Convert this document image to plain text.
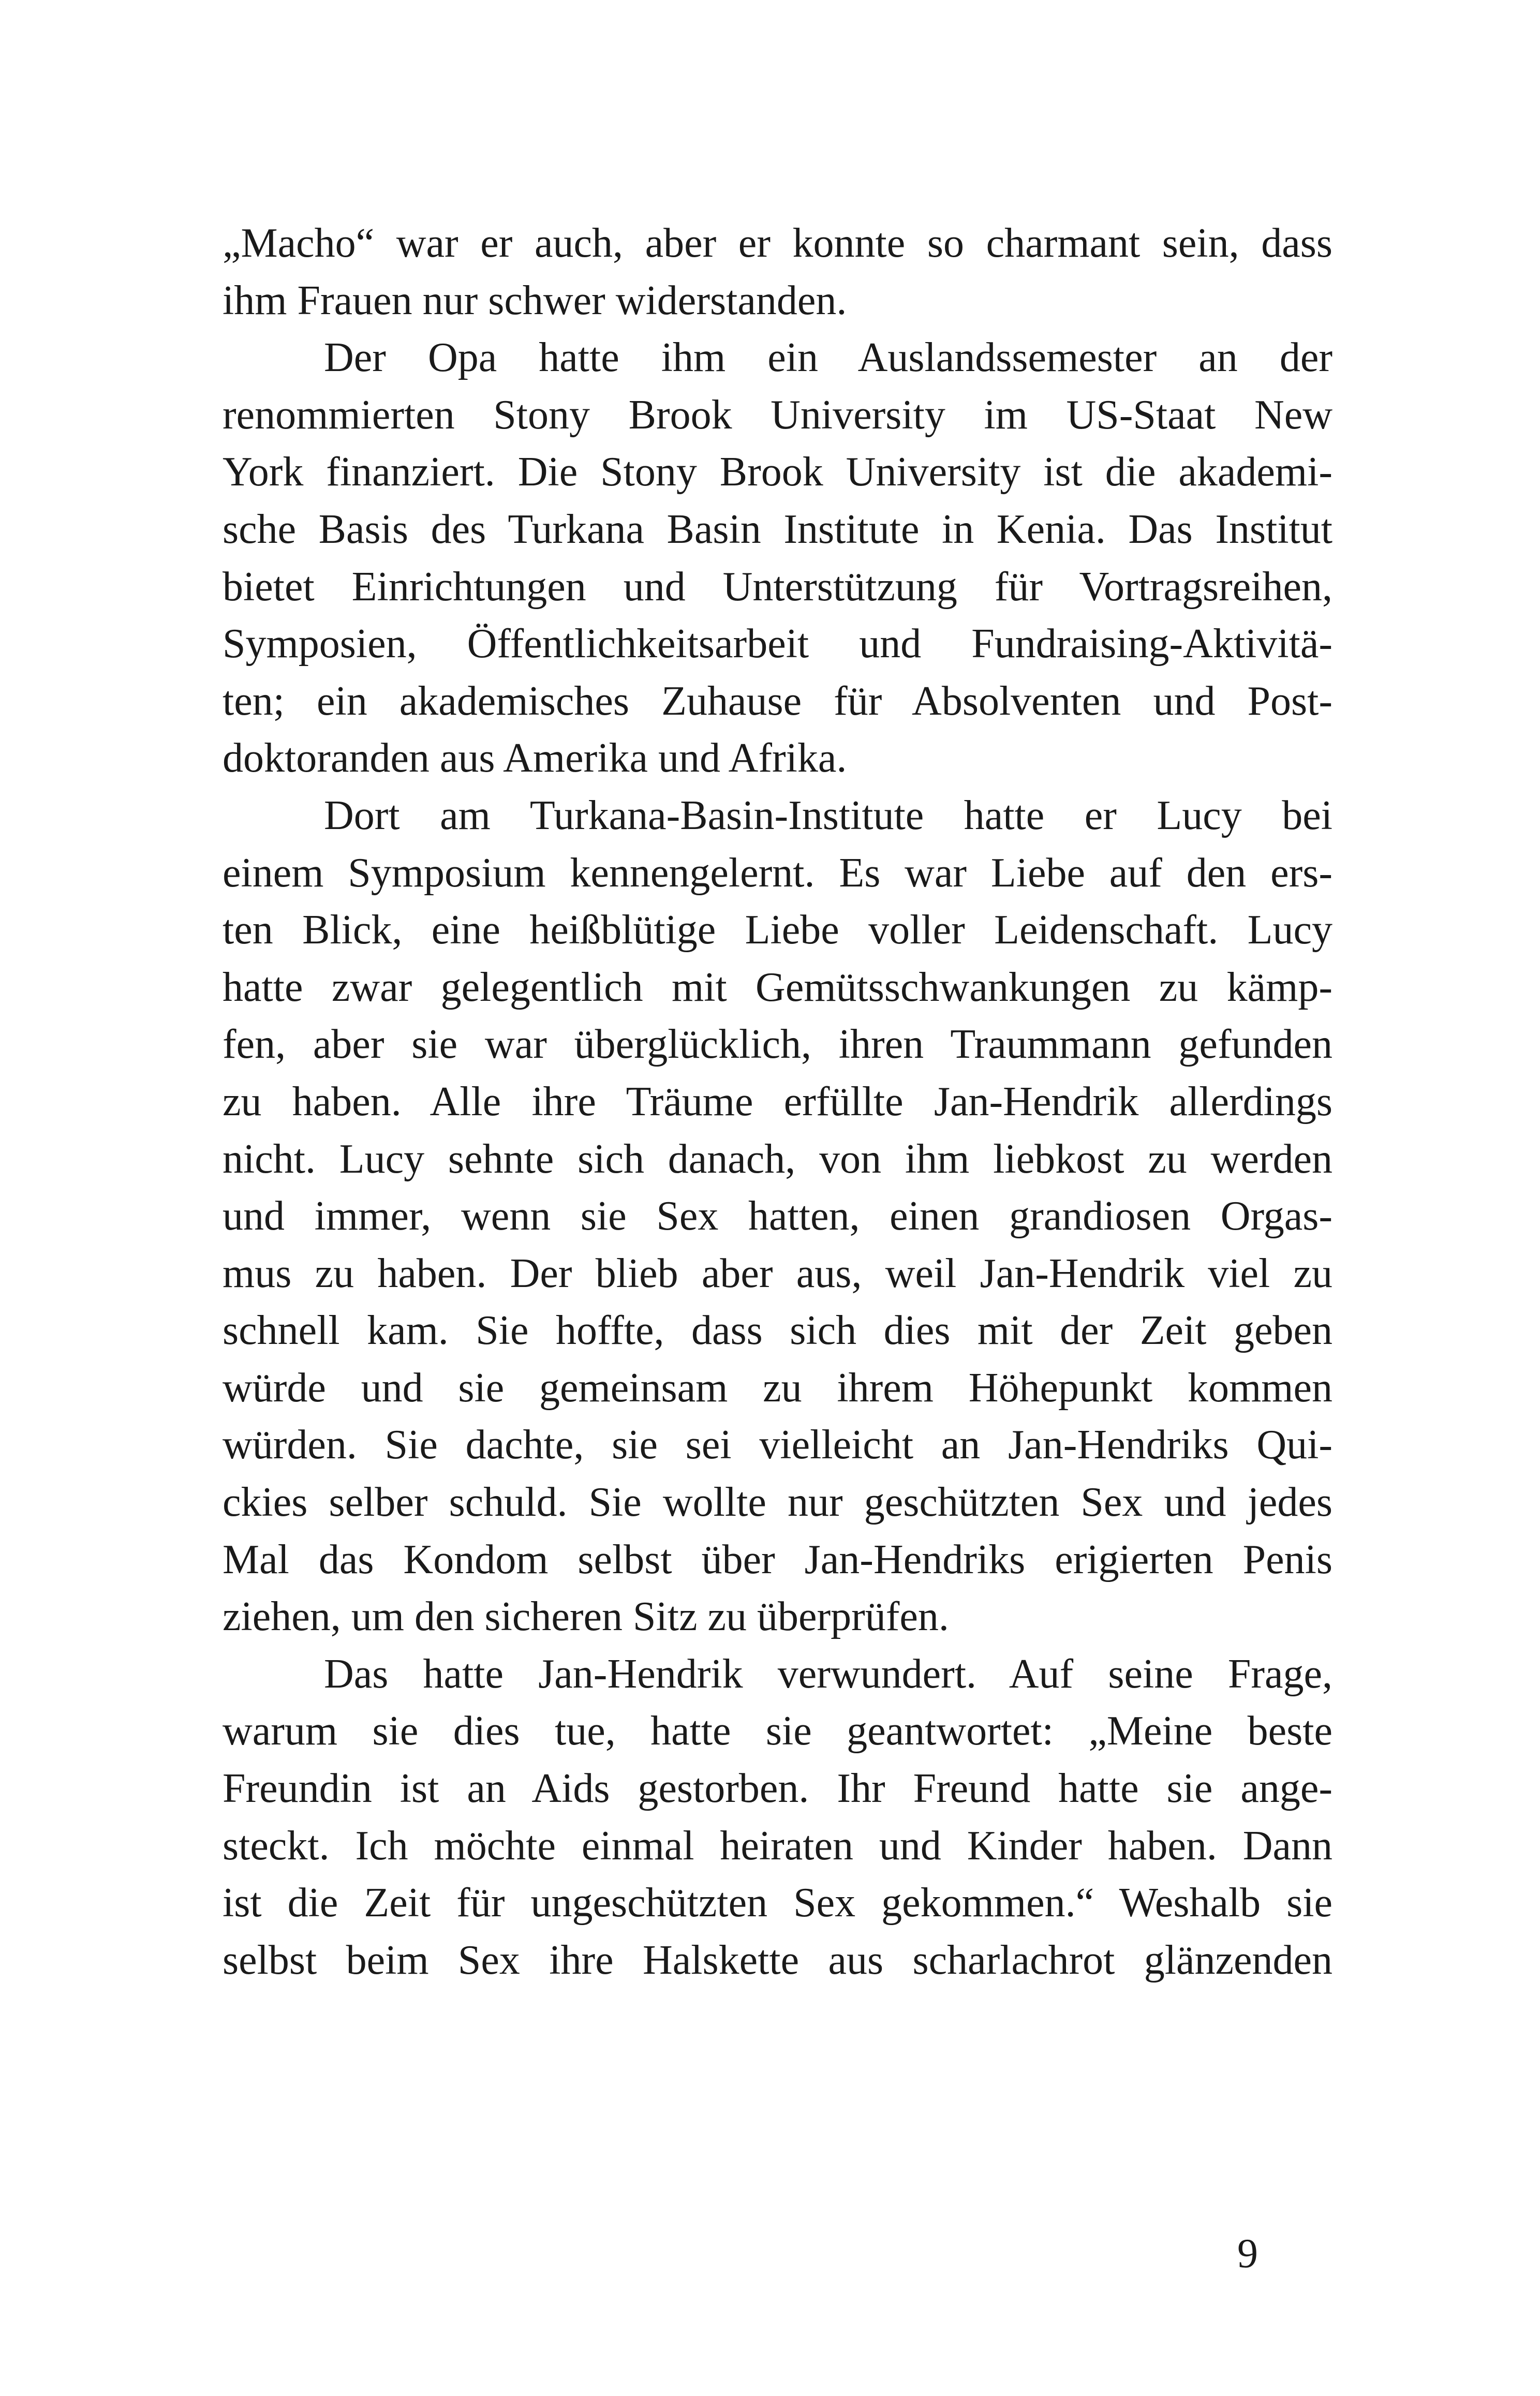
„Macho“ war er auch, aber er konnte so charmant sein, dass
ihm Frauen nur schwer widerstanden.
Der Opa hatte ihm ein Auslandssemester an der
renommierten Stony Brook University im US-Staat New
York finanziert. Die Stony Brook University ist die akademi-
sche Basis des Turkana Basin Institute in Kenia. Das Institut
bietet Einrichtungen und Unterstützung für Vortragsreihen,
Symposien, Öffentlichkeitsarbeit und Fundraising-Aktivitä-
ten; ein akademisches Zuhause für Absolventen und Post-
doktoranden aus Amerika und Afrika.
Dort am Turkana-Basin-Institute hatte er Lucy bei
einem Symposium kennengelernt. Es war Liebe auf den ers-
ten Blick, eine heißblütige Liebe voller Leidenschaft. Lucy
hatte zwar gelegentlich mit Gemütsschwankungen zu kämp-
fen, aber sie war überglücklich, ihren Traummann gefunden
zu haben. Alle ihre Träume erfüllte Jan-Hendrik allerdings
nicht. Lucy sehnte sich danach, von ihm liebkost zu werden
und immer, wenn sie Sex hatten, einen grandiosen Orgas-
mus zu haben. Der blieb aber aus, weil Jan-Hendrik viel zu
schnell kam. Sie hoffte, dass sich dies mit der Zeit geben
würde und sie gemeinsam zu ihrem Höhepunkt kommen
würden. Sie dachte, sie sei vielleicht an Jan-Hendriks Qui-
ckies selber schuld. Sie wollte nur geschützten Sex und jedes
Mal das Kondom selbst über Jan-Hendriks erigierten Penis
ziehen, um den sicheren Sitz zu überprüfen.
Das hatte Jan-Hendrik verwundert. Auf seine Frage,
warum sie dies tue, hatte sie geantwortet: „Meine beste
Freundin ist an Aids gestorben. Ihr Freund hatte sie ange-
steckt. Ich möchte einmal heiraten und Kinder haben. Dann
ist die Zeit für ungeschützten Sex gekommen.“ Weshalb sie
selbst beim Sex ihre Halskette aus scharlachrot glänzenden
9
